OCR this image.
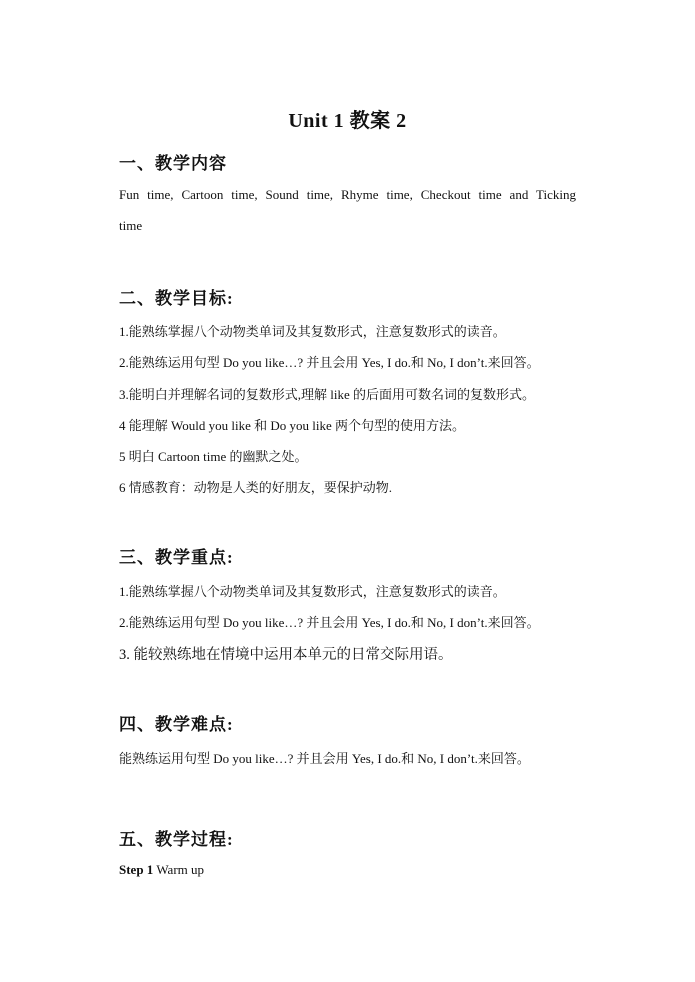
Unit 1 教案 2
一、教学内容
Fun time, Cartoon time, Sound time, Rhyme time, Checkout time and Ticking
time
二、教学目标:
1.能熟练掌握八个动物类单词及其复数形式，注意复数形式的读音。
2.能熟练运用句型 Do you like…? 并且会用 Yes, I do.和 No, I don’t.来回答。
3.能明白并理解名词的复数形式,理解 like 的后面用可数名词的复数形式。
4 能理解 Would you like 和 Do you like 两个句型的使用方法。
5 明白 Cartoon time 的幽默之处。
6 情感教育：动物是人类的好朋友，要保护动物.
三、教学重点:
1.能熟练掌握八个动物类单词及其复数形式，注意复数形式的读音。
2.能熟练运用句型 Do you like…? 并且会用 Yes, I do.和 No, I don’t.来回答。
3. 能较熟练地在情境中运用本单元的日常交际用语。
四、教学难点:
能熟练运用句型 Do you like…? 并且会用 Yes, I do.和 No, I don’t.来回答。
五、教学过程:
Step 1 Warm up
